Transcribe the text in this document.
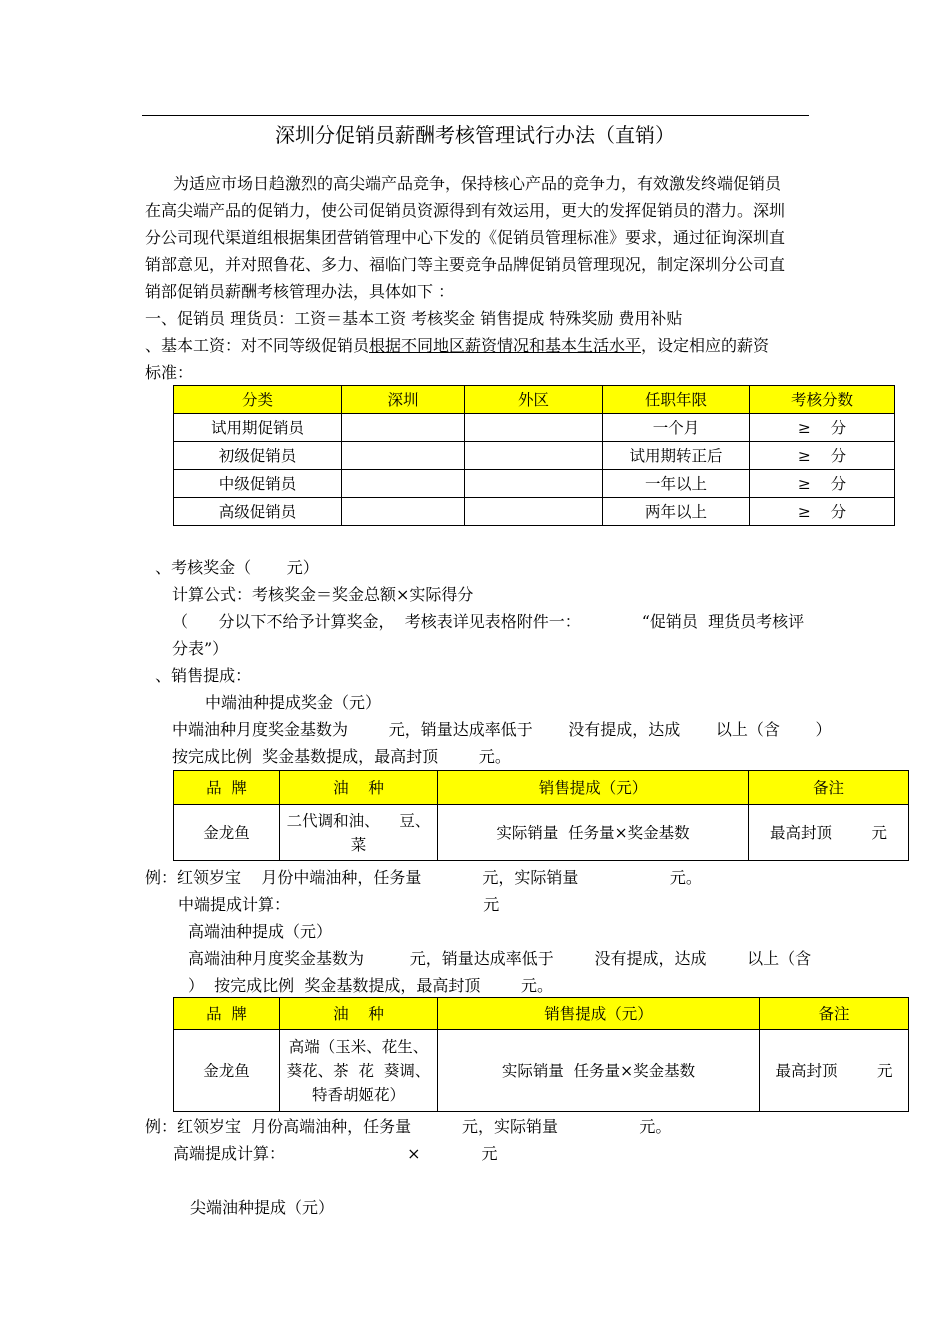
深圳分促销员薪酬考核管理试行办法（直销）
为适应市场日趋激烈的高尖端产品竞争，保持核心产品的竞争力，有效激发终端促销员
在高尖端产品的促销力，使公司促销员资源得到有效运用，更大的发挥促销员的潜力。深圳
分公司现代渠道组根据集团营销管理中心下发的《促销员管理标准》要求，通过征询深圳直
销部意见，并对照鲁花、多力、福临门等主要竞争品牌促销员管理现况，制定深圳分公司直
销部促销员薪酬考核管理办法，具体如下 ：
一、促销员 理货员：工资＝基本工资 考核奖金 销售提成 特殊奖励 费用补贴
、基本工资：对不同等级促销员根据不同地区薪资情况和基本生活水平，设定相应的薪资
标准：
分类	深圳	外区	任职年限	考核分数
试用期促销员			一个月	≥    分
初级促销员			试用期转正后	≥    分
中级促销员			一年以上	≥    分
高级促销员			两年以上	≥    分
、考核奖金（       元）
计算公式：考核奖金＝奖金总额×实际得分
（      分以下不给予计算奖金，  考核表详见表格附件一：            “促销员  理货员考核评
分表”）
、销售提成：
中端油种提成奖金（元）
中端油种月度奖金基数为        元，销量达成率低于       没有提成，达成       以上（含       ）
按完成比例  奖金基数提成，最高封顶        元。
品  牌	油    种	销售提成（元）	备注
金龙鱼	二代调和油、    豆、菜	实际销量  任务量×奖金基数	最高封顶        元
例：红领岁宝    月份中端油种，任务量            元，实际销量                  元。
中端提成计算：                                      元
高端油种提成（元）
高端油种月度奖金基数为         元，销量达成率低于        没有提成，达成        以上（含
）  按完成比例  奖金基数提成，最高封顶        元。
品  牌	油    种	销售提成（元）	备注
金龙鱼	高端（玉米、花生、葵花、茶  花  葵调、特香胡姬花）	实际销量  任务量×奖金基数	最高封顶        元
例：红领岁宝  月份高端油种，任务量          元，实际销量                元。
高端提成计算：                        ×            元
尖端油种提成（元）
